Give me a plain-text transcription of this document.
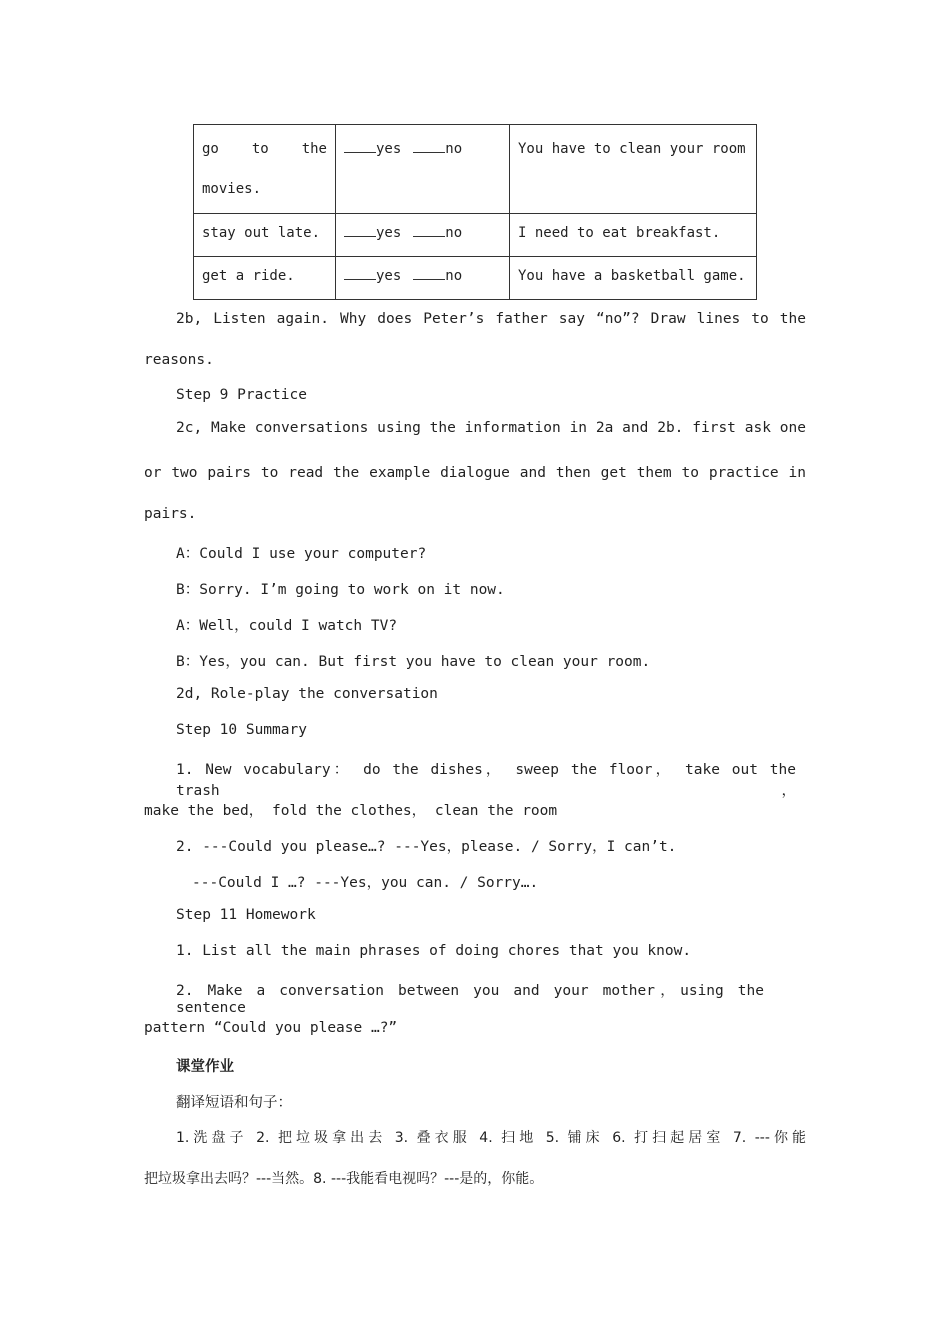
go to the
movies.	yes no	You have to clean your room
stay out late.	yes no	I need to eat breakfast.
get a ride.	yes no	You have a basketball game.
2b, Listen again. Why does Peter’s father say “no”? Draw lines to the
reasons.
Step 9 Practice
2c, Make conversations using the information in 2a and 2b. first ask one
or two pairs to read the example dialogue and then get them to practice in
pairs.
A：Could I use your computer?
B：Sorry. I’m going to work on it now.
A：Well，could I watch TV?
B：Yes，you can. But first you have to clean your room.
2d, Role-play the conversation
Step 10 Summary
1. New vocabulary： do the dishes， sweep the floor， take out the trash，
make the bed， fold the clothes， clean the room
2. ---Could you please…? ---Yes，please. / Sorry，I can’t.
---Could I …? ---Yes，you can. / Sorry….
Step 11 Homework
1. List all the main phrases of doing chores that you know.
2. Make a conversation between you and your mother，using the sentence
pattern “Could you please …?”
课堂作业
翻译短语和句子：
1.洗盘子 2. 把垃圾拿出去 3. 叠衣服 4. 扫地 5. 铺床 6. 打扫起居室 7. ---你能
把垃圾拿出去吗？---当然。8. ---我能看电视吗？---是的，你能。
